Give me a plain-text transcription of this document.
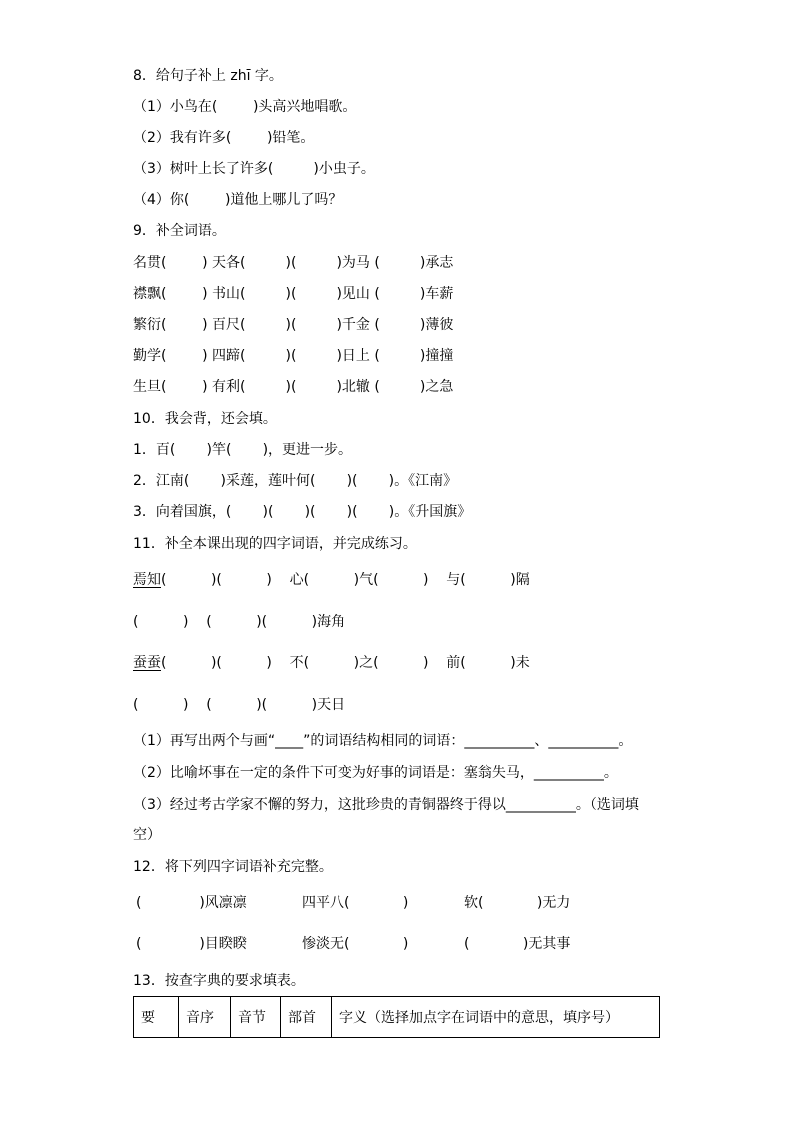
8．给句子补上 zhī 字。
（1）小鸟在(        )头高兴地唱歌。
（2）我有许多(        )铅笔。
（3）树叶上长了许多(         )小虫子。
（4）你(        )道他上哪儿了吗？
9．补全词语。
名贯(        ) 天各(         )(         )为马 (         )承志
襟飘(        ) 书山(         )(         )见山 (         )车薪
繁衍(        ) 百尺(         )(         )千金 (         )薄彼
勤学(        ) 四蹄(         )(         )日上 (         )撞撞
生旦(        ) 有利(         )(         )北辙 (         )之急
10．我会背，还会填。
1．百(       )竿(       )，更进一步。
2．江南(       )采莲，莲叶何(       )(       )。《江南》
3．向着国旗，(       )(       )(       )(       )。《升国旗》
11．补全本课出现的四字词语，并完成练习。
焉知(          )(          )    心(          )气(          )    与(          )隔
(          )    (          )(          )海角
蚕蚕(          )(          )    不(          )之(          )    前(          )未
(          )    (          )(          )天日
（1）再写出两个与画“____”的词语结构相同的词语：__________、__________。
（2）比喻坏事在一定的条件下可变为好事的词语是：塞翁失马，__________。
（3）经过考古学家不懈的努力，这批珍贵的青铜器终于得以__________。（选词填
空）
12．将下列四字词语补充完整。
(             )风凛凛	四平八(            )	软(            )无力
(             )目睽睽	惨淡无(            )	(            )无其事
13．按查字典的要求填表。
要	音序	音节	部首	字义（选择加点字在词语中的意思，填序号）
